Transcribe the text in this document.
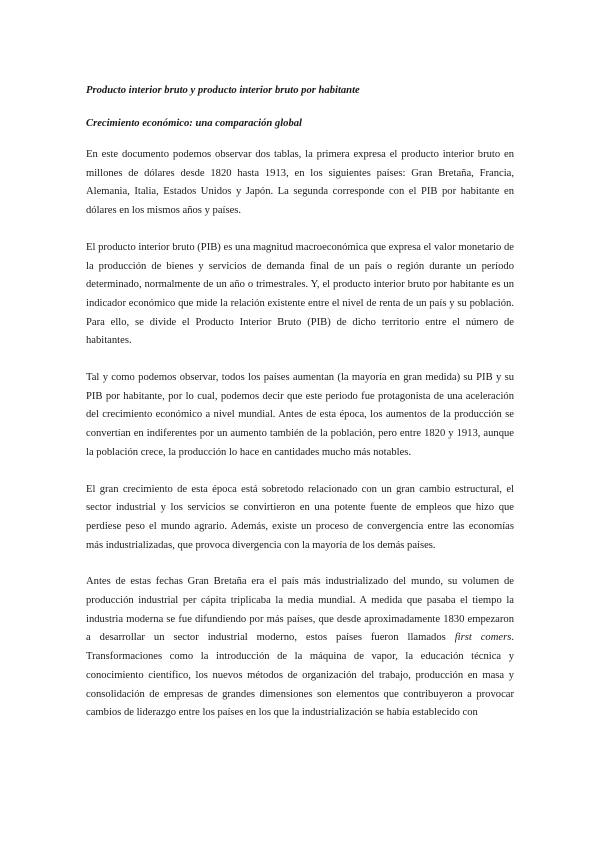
Producto interior bruto y producto interior bruto por habitante

Crecimiento económico: una comparación global

En este documento podemos observar dos tablas, la primera expresa el producto interior bruto en millones de dólares desde 1820 hasta 1913, en los siguientes países: Gran Bretaña, Francia, Alemania, Italia, Estados Unidos y Japón. La segunda corresponde con el PIB por habitante en dólares en los mismos años y países.

El producto interior bruto (PIB) es una magnitud macroeconómica que expresa el valor monetario de la producción de bienes y servicios de demanda final de un país o región durante un período determinado, normalmente de un año o trimestrales. Y, el producto interior bruto por habitante es un indicador económico que mide la relación existente entre el nivel de renta de un país y su población. Para ello, se divide el Producto Interior Bruto (PIB) de dicho territorio entre el número de habitantes.

Tal y como podemos observar, todos los países aumentan (la mayoría en gran medida) su PIB y su PIB por habitante, por lo cual, podemos decir que este periodo fue protagonista de una aceleración del crecimiento económico a nivel mundial. Antes de esta época, los aumentos de la producción se convertían en indiferentes por un aumento también de la población, pero entre 1820 y 1913, aunque la población crece, la producción lo hace en cantidades mucho más notables.

El gran crecimiento de esta época está sobretodo relacionado con un gran cambio estructural, el sector industrial y los servicios se convirtieron en una potente fuente de empleos que hizo que perdiese peso el mundo agrario. Además, existe un proceso de convergencia entre las economías más industrializadas, que provoca divergencia con la mayoría de los demás países.

Antes de estas fechas Gran Bretaña era el país más industrializado del mundo, su volumen de producción industrial per cápita triplicaba la media mundial. A medida que pasaba el tiempo la industria moderna se fue difundiendo por más países, que desde aproximadamente 1830 empezaron a desarrollar un sector industrial moderno, estos países fueron llamados first comers. Transformaciones como la introducción de la máquina de vapor, la educación técnica y conocimiento científico, los nuevos métodos de organización del trabajo, producción en masa y consolidación de empresas de grandes dimensiones son elementos que contribuyeron a provocar cambios de liderazgo entre los países en los que la industrialización se había establecido con
